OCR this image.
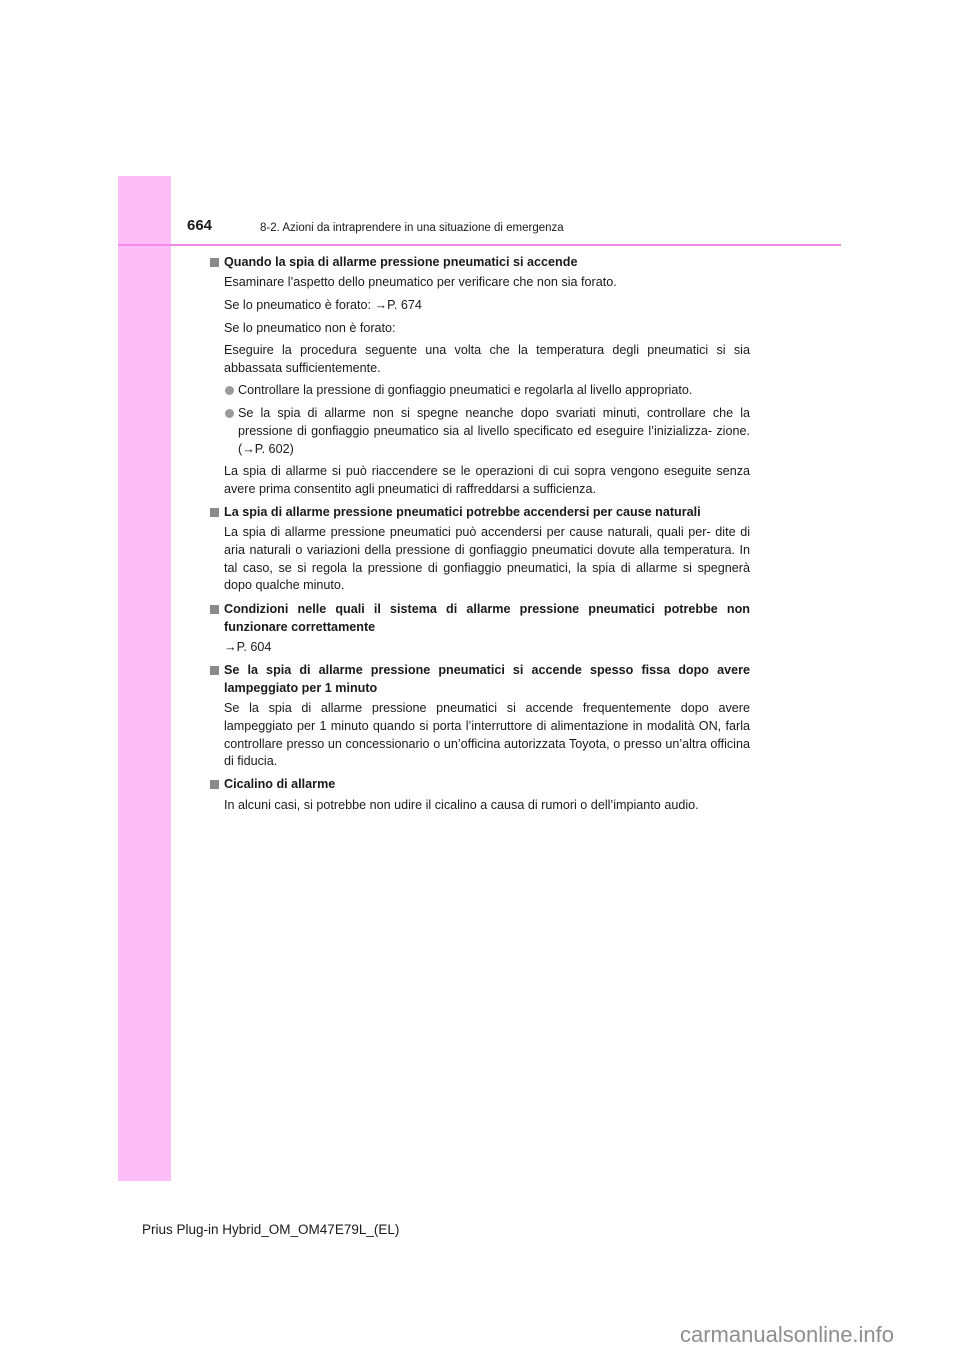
664	8-2. Azioni da intraprendere in una situazione di emergenza
Quando la spia di allarme pressione pneumatici si accende
Esaminare l’aspetto dello pneumatico per verificare che non sia forato.
Se lo pneumatico è forato: →P. 674
Se lo pneumatico non è forato:
Eseguire la procedura seguente una volta che la temperatura degli pneumatici si sia abbassata sufficientemente.
Controllare la pressione di gonfiaggio pneumatici e regolarla al livello appropriato.
Se la spia di allarme non si spegne neanche dopo svariati minuti, controllare che la pressione di gonfiaggio pneumatico sia al livello specificato ed eseguire l’inizializza- zione. (→P. 602)
La spia di allarme si può riaccendere se le operazioni di cui sopra vengono eseguite senza avere prima consentito agli pneumatici di raffreddarsi a sufficienza.
La spia di allarme pressione pneumatici potrebbe accendersi per cause naturali
La spia di allarme pressione pneumatici può accendersi per cause naturali, quali per- dite di aria naturali o variazioni della pressione di gonfiaggio pneumatici dovute alla temperatura. In tal caso, se si regola la pressione di gonfiaggio pneumatici, la spia di allarme si spegnerà dopo qualche minuto.
Condizioni nelle quali il sistema di allarme pressione pneumatici potrebbe non funzionare correttamente
→P. 604
Se la spia di allarme pressione pneumatici si accende spesso fissa dopo avere lampeggiato per 1 minuto
Se la spia di allarme pressione pneumatici si accende frequentemente dopo avere lampeggiato per 1 minuto quando si porta l’interruttore di alimentazione in modalità ON, farla controllare presso un concessionario o un’officina autorizzata Toyota, o presso un’altra officina di fiducia.
Cicalino di allarme
In alcuni casi, si potrebbe non udire il cicalino a causa di rumori o dell’impianto audio.
Prius Plug-in Hybrid_OM_OM47E79L_(EL)
carmanualsonline.info
